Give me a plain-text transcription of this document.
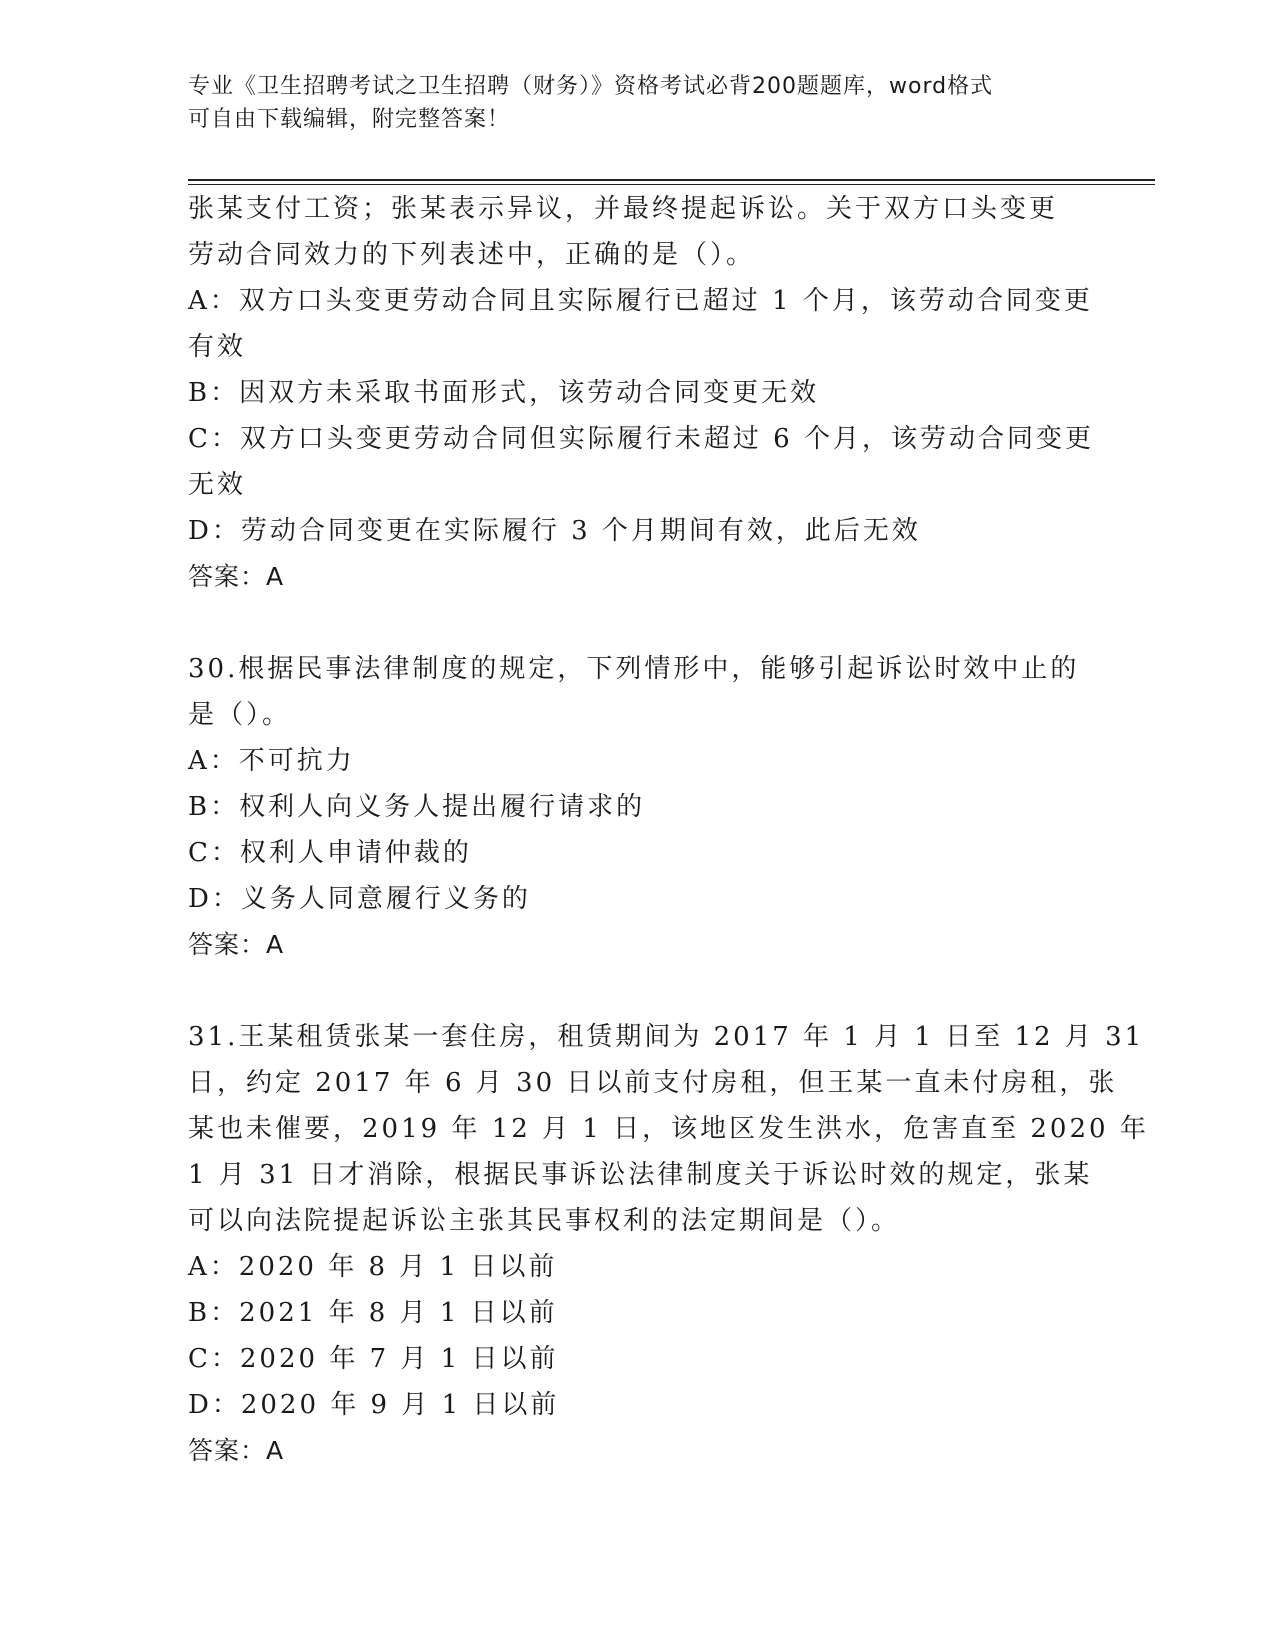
专业《卫生招聘考试之卫生招聘（财务）》资格考试必背200题题库，word格式
可自由下载编辑，附完整答案！
张某支付工资；张某表示异议，并最终提起诉讼。关于双方口头变更
劳动合同效力的下列表述中，正确的是（）。
A：双方口头变更劳动合同且实际履行已超过 1 个月，该劳动合同变更
有效
B：因双方未采取书面形式，该劳动合同变更无效
C：双方口头变更劳动合同但实际履行未超过 6 个月，该劳动合同变更
无效
D：劳动合同变更在实际履行 3 个月期间有效，此后无效
答案：A
30.根据民事法律制度的规定，下列情形中，能够引起诉讼时效中止的
是（）。
A：不可抗力
B：权利人向义务人提出履行请求的
C：权利人申请仲裁的
D：义务人同意履行义务的
答案：A
31.王某租赁张某一套住房，租赁期间为 2017 年 1 月 1 日至 12 月 31
日，约定 2017 年 6 月 30 日以前支付房租，但王某一直未付房租，张
某也未催要，2019 年 12 月 1 日，该地区发生洪水，危害直至 2020 年
1 月 31 日才消除，根据民事诉讼法律制度关于诉讼时效的规定，张某
可以向法院提起诉讼主张其民事权利的法定期间是（）。
A：2020 年 8 月 1 日以前
B：2021 年 8 月 1 日以前
C：2020 年 7 月 1 日以前
D：2020 年 9 月 1 日以前
答案：A
